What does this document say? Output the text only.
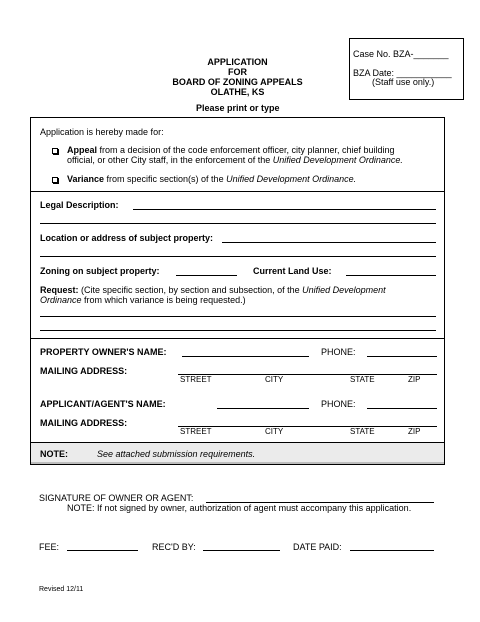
APPLICATION
FOR
BOARD OF ZONING APPEALS
OLATHE, KS
Please print or type
Case No. BZA-_______
BZA Date: ___________
(Staff use only.)
Application is hereby made for:
Appeal from a decision of the code enforcement officer, city planner, chief building
official, or other City staff, in the enforcement of the Unified Development Ordinance.
Variance from specific section(s) of the Unified Development Ordinance.
Legal Description:
Location or address of subject property:
Zoning on subject property:	Current Land Use:
Request: (Cite specific section, by section and subsection, of the Unified Development
Ordinance from which variance is being requested.)
PROPERTY OWNER'S NAME:	PHONE:
MAILING ADDRESS:
STREET	CITY	STATE	ZIP
APPLICANT/AGENT'S NAME:	PHONE:
MAILING ADDRESS:
STREET	CITY	STATE	ZIP
NOTE:	See attached submission requirements.
SIGNATURE OF OWNER OR AGENT:
NOTE: If not signed by owner, authorization of agent must accompany this application.
FEE:	REC'D BY:	DATE PAID:
Revised 12/11
